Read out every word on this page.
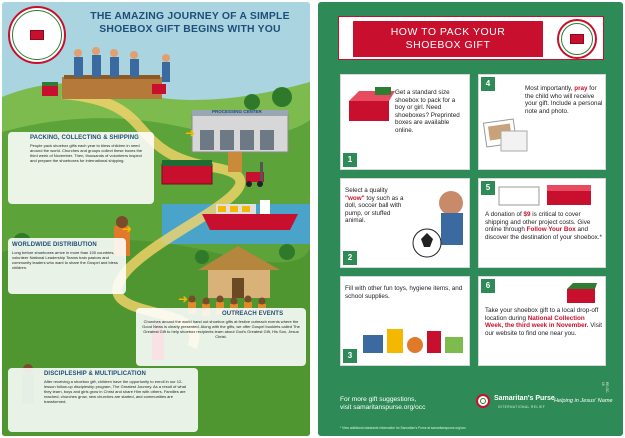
THE AMAZING JOURNEY OF A SIMPLE
SHOEBOX GIFT BEGINS WITH YOU
PROCESSING CENTER
PACKING, COLLECTING & SHIPPING
People pack shoebox gifts each year to bless children in need around the world. Churches and groups collect these boxes the third week of November. Then, thousands of volunteers inspect and prepare the shoeboxes for international shipping.
WORLDWIDE DISTRIBUTION
Long before shoeboxes arrive in more than 100 countries, volunteer National Leadership Teams train pastors and community leaders who want to share the Gospel and bless children.
OUTREACH EVENTS
Churches around the world hand out shoebox gifts at festive outreach events where the Good News is clearly presented. Along with the gifts, we offer Gospel booklets called The Greatest Gift to help shoebox recipients learn about God's Greatest Gift, His Son, Jesus Christ.
DISCIPLESHIP & MULTIPLICATION
After receiving a shoebox gift, children have the opportunity to enroll in our 12-lesson follow-up discipleship program, The Greatest Journey. As a result of what they learn, boys and girls grow in Christ and share Him with others. Families are reached, churches grow, new churches are started, and communities are transformed.
➜
➜
➜
HOW TO PACK YOUR
SHOEBOX GIFT
1
Get a standard size shoebox to pack for a boy or girl. Need shoeboxes? Preprinted boxes are available online.
4
Most importantly, pray for the child who will receive your gift. Include a personal note and photo.
Select a quality "wow" toy such as a doll, soccer ball with pump, or stuffed animal.
2
5
A donation of $9 is critical to cover shipping and other project costs. Give online through Follow Your Box and discover the destination of your shoebox.*
Fill with other fun toys, hygiene items, and school supplies.
3
6
Take your shoebox gift to a local drop-off location during National Collection Week, the third week in November. Visit our website to find one near you.
For more gift suggestions,
visit samaritanspurse.org/occ
Samaritan's Purse
INTERNATIONAL RELIEF
Helping in Jesus' Name
* View additional standards information for Samaritan's Purse at samaritanspurse.org/occ
RE-OC-18
